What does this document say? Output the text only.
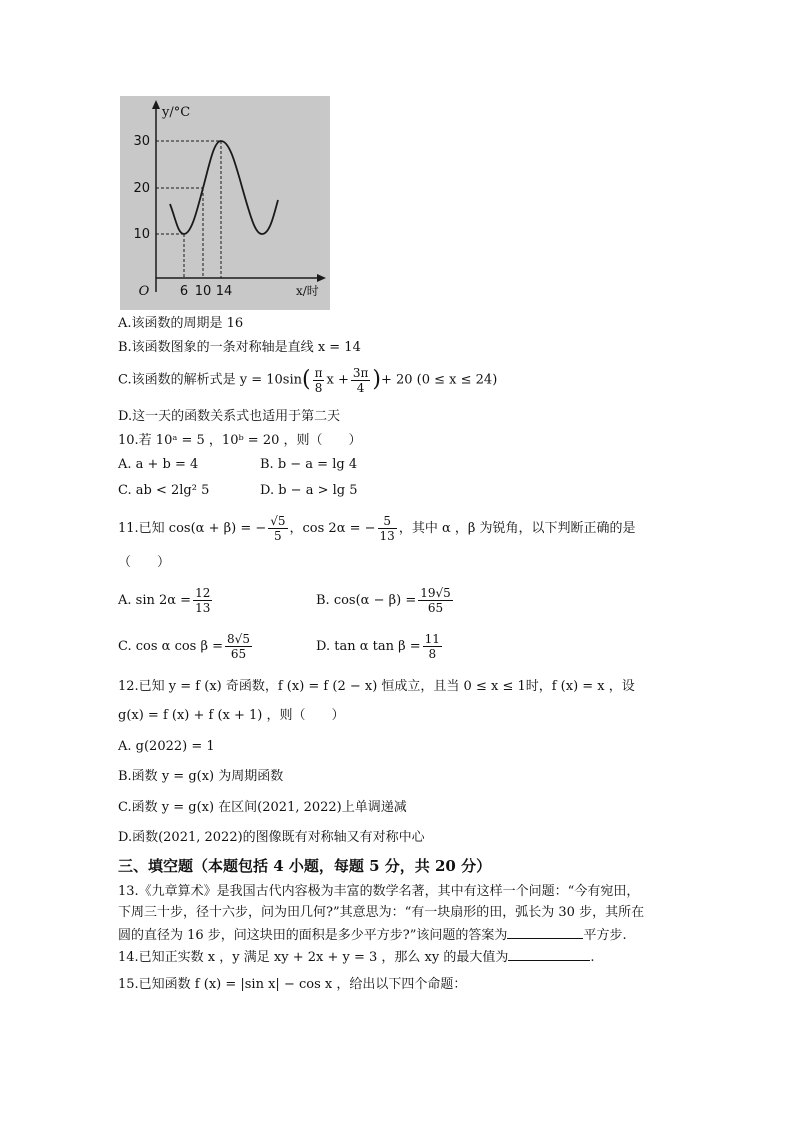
30
20
10
6 10 14
O
y/°C
x/时
A.该函数的周期是 16
B.该函数图象的一条对称轴是直线 x = 14
C.该函数的解析式是 $y = 10\sin( \frac{\pi}{8}$ $x + \frac{3\pi}{4}$ )+ 20 (0 ≤ x ≤ 24)
D.这一天的函数关系式也适用于第二天
10.若 10ᵃ = 5 ，10ᵇ = 20 ，则（　　）
A. a + b = 4	B. b − a = lg 4
C. ab < 2lg² 5	D. b − a > lg 5
11.已知 cos(α + β) = − $\frac{√5}{5}$ ，cos 2α = − $\frac{5}{13}$ ，其中 α ，β 为锐角，以下判断正确的是
（　　）
A. $\sin 2\alpha = \frac{12}{13}$	B. $\cos(\alpha - \beta) = \frac{19√5}{65}$
C. cos α $\cos \beta = \frac{8√5}{65}$	D. tan α $\tan \beta = \frac{11}{8}$
12.已知 y = f (x) 奇函数，f (x) = f (2 − x) 恒成立，且当 0 ≤ x ≤ 1时，f (x) = x ，设
g(x) = f (x) + f (x + 1) ，则（　　）
A. g(2022) = 1
B.函数 y = g(x) 为周期函数
C.函数 y = g(x) 在区间(2021, 2022)上单调递减
D.函数(2021, 2022)的图像既有对称轴又有对称中心
三、填空题（本题包括 4 小题，每题 5 分，共 20 分）
13.《九章算术》是我国古代内容极为丰富的数学名著，其中有这样一个问题：“今有宛田，
下周三十步，径十六步，问为田几何?”其意思为：“有一块扇形的田，弧长为 30 步，其所在
圆的直径为 16 步，问这块田的面积是多少平方步?”该问题的答案为	平方步.
14.已知正实数 x ，y 满足 xy + 2x + y = 3 ，那么 xy 的最大值为	.
15.已知函数 f (x) = |sin x| − cos x ，给出以下四个命题：
